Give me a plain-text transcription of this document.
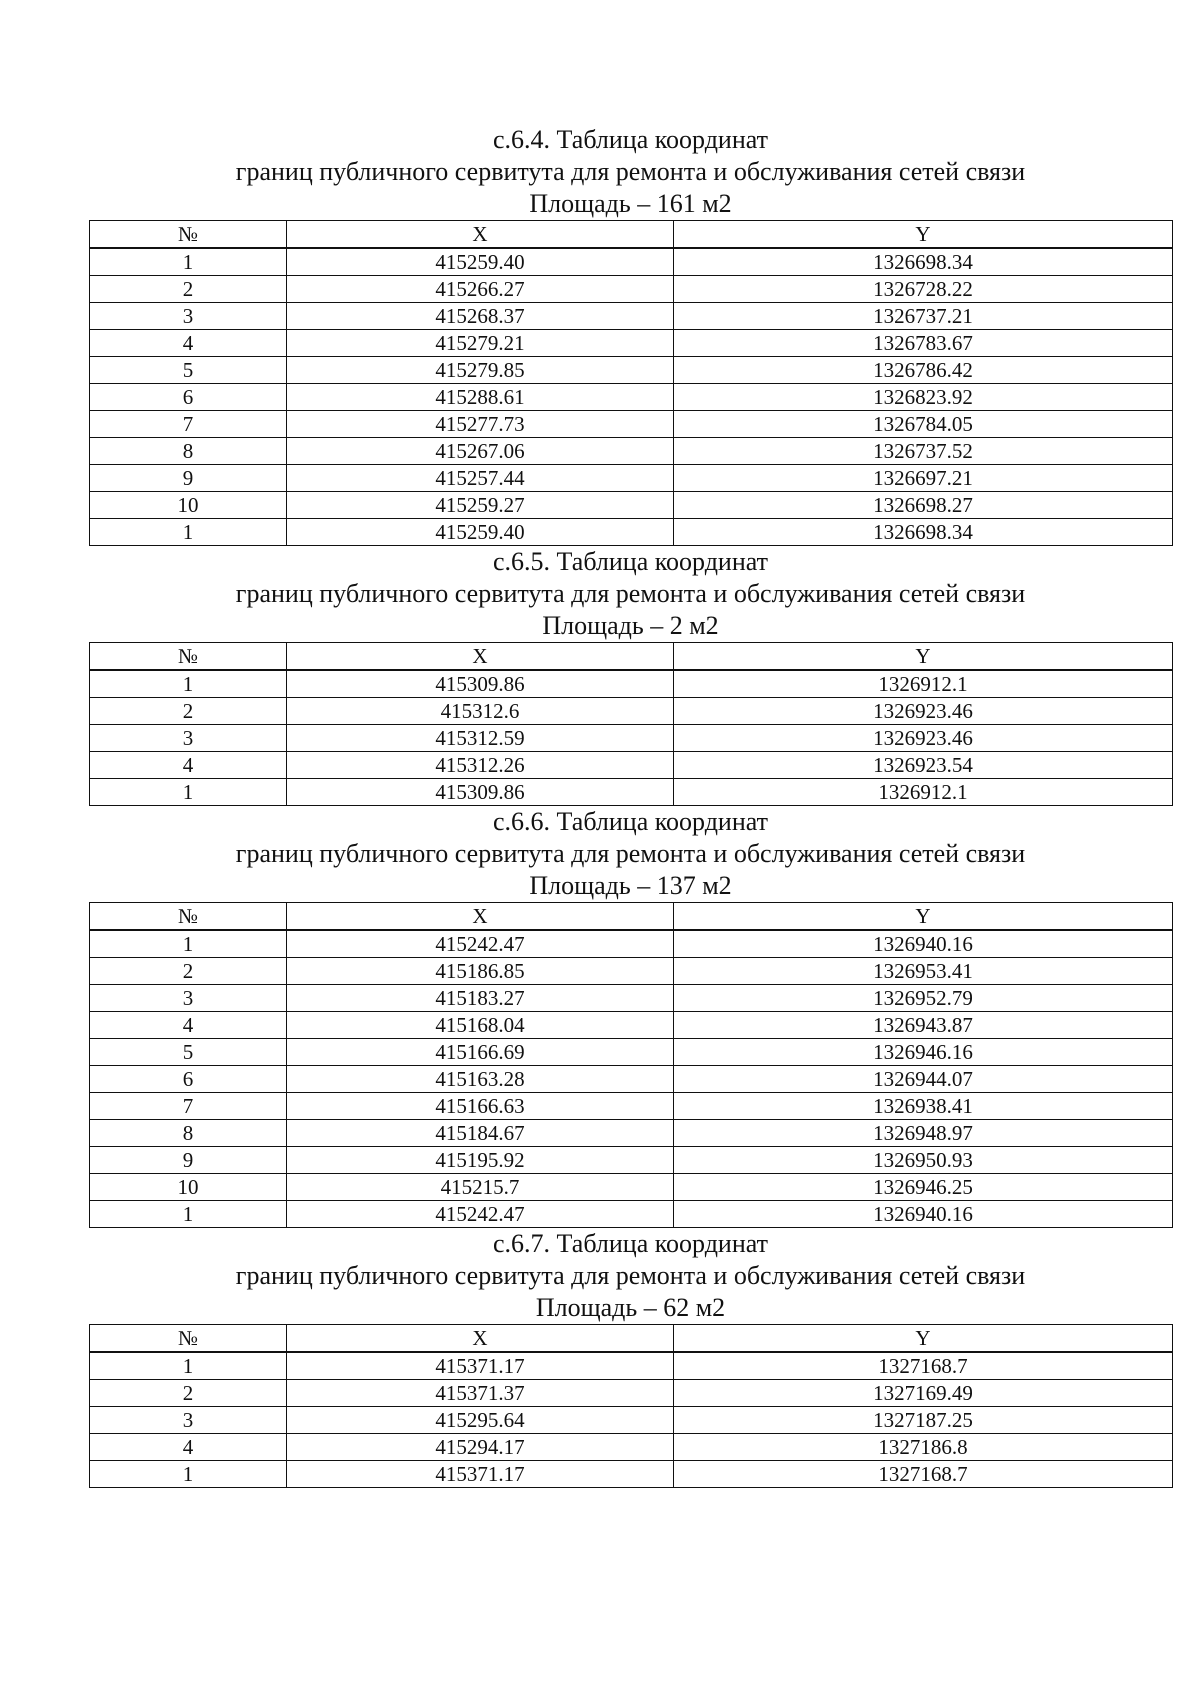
с.6.4. Таблица координат
границ публичного сервитута для ремонта и обслуживания сетей связи
Площадь – 161 м2
№	X	Y
1	415259.40	1326698.34
2	415266.27	1326728.22
3	415268.37	1326737.21
4	415279.21	1326783.67
5	415279.85	1326786.42
6	415288.61	1326823.92
7	415277.73	1326784.05
8	415267.06	1326737.52
9	415257.44	1326697.21
10	415259.27	1326698.27
1	415259.40	1326698.34
с.6.5. Таблица координат
границ публичного сервитута для ремонта и обслуживания сетей связи
Площадь – 2 м2
№	X	Y
1	415309.86	1326912.1
2	415312.6	1326923.46
3	415312.59	1326923.46
4	415312.26	1326923.54
1	415309.86	1326912.1
с.6.6. Таблица координат
границ публичного сервитута для ремонта и обслуживания сетей связи
Площадь – 137 м2
№	X	Y
1	415242.47	1326940.16
2	415186.85	1326953.41
3	415183.27	1326952.79
4	415168.04	1326943.87
5	415166.69	1326946.16
6	415163.28	1326944.07
7	415166.63	1326938.41
8	415184.67	1326948.97
9	415195.92	1326950.93
10	415215.7	1326946.25
1	415242.47	1326940.16
с.6.7. Таблица координат
границ публичного сервитута для ремонта и обслуживания сетей связи
Площадь – 62 м2
№	X	Y
1	415371.17	1327168.7
2	415371.37	1327169.49
3	415295.64	1327187.25
4	415294.17	1327186.8
1	415371.17	1327168.7
